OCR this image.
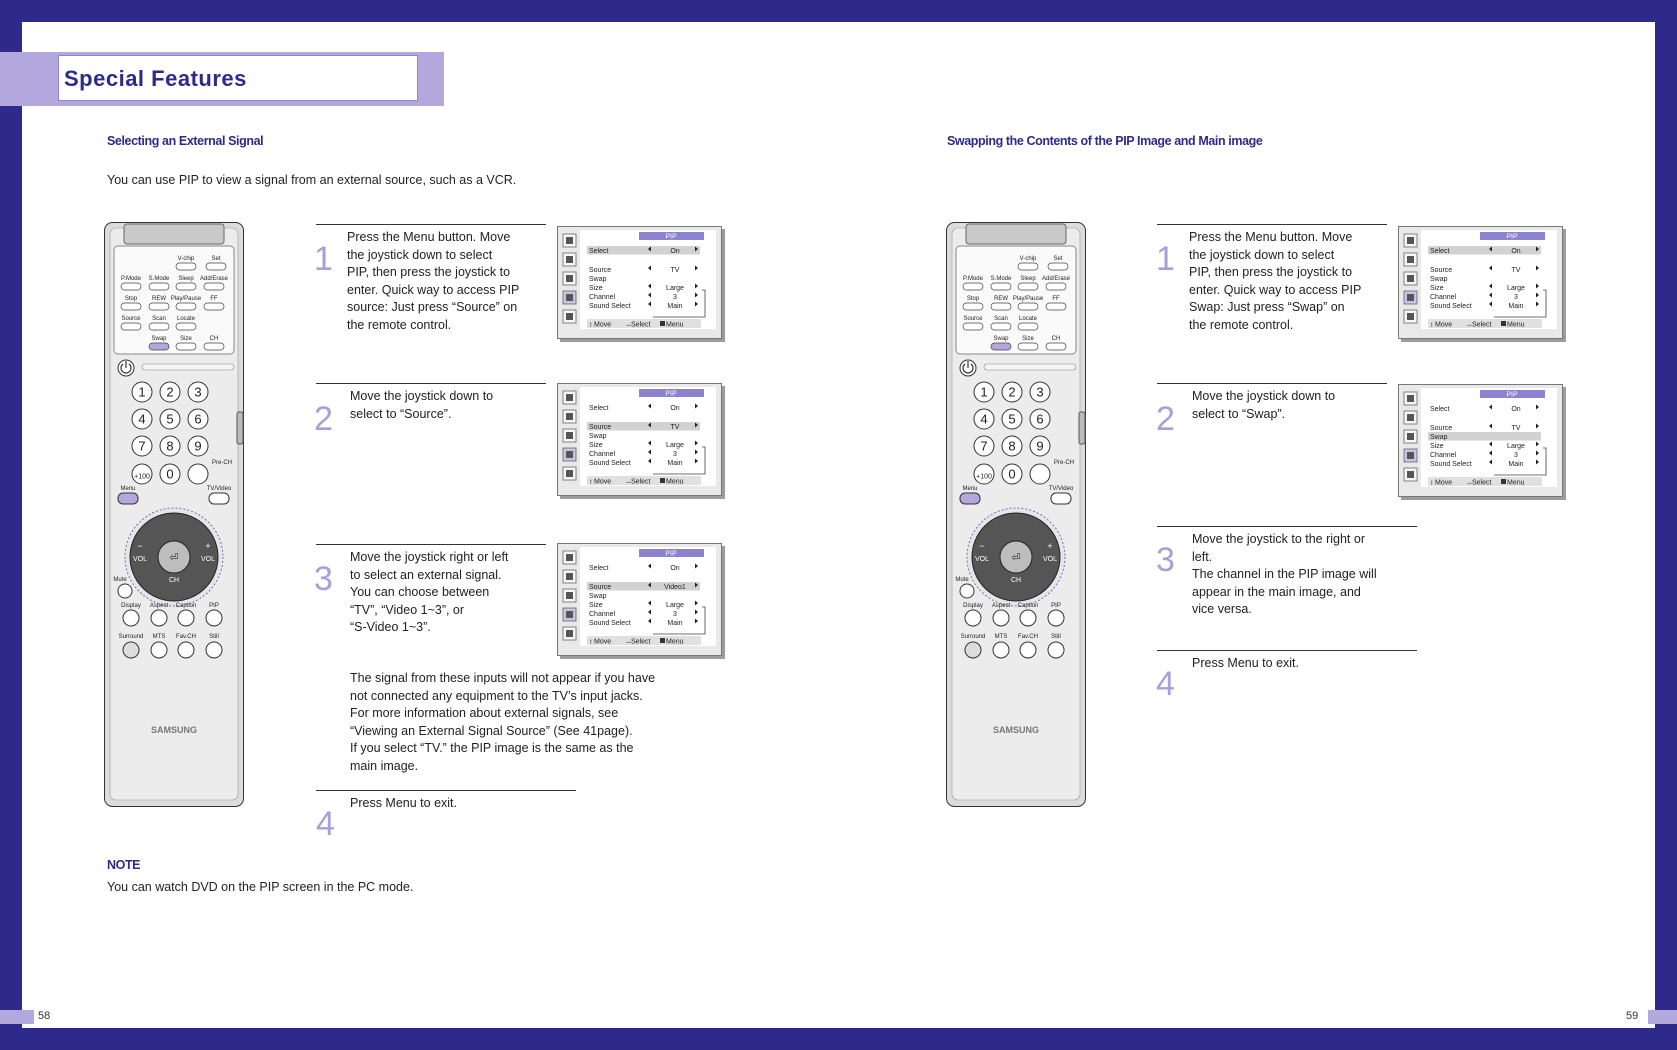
Special Features
Selecting an External Signal
You can use PIP to view a signal from an external source, such as a VCR.
V-chip	Set
P.Mode S.Mode Sleep Add/Erase
Stop REW Play/Pause FF
Source Scan Locate
Swap Size	CH
1 2 3
4 5 6
7 8 9
+100 0
Pre-CH
Menu	TV/Video
⏎
VOL	VOL
CH
−	+
Mute
Display Aspect Caption PIP
Surround MTS Fav.CH Still
SAMSUNG
1
Press the Menu button. Move
the joystick down to select
PIP, then press the joystick to
enter. Quick way to access PIP
source: Just press “Source” on
the remote control.
PIP
Select	On
Source	TV
Swap
Size	Large
Channel	3
Sound Select	Main
↕ Move ↔ Select Menu
2
Move the joystick down to
select to “Source”.
PIP
Select	On
Source	TV
Swap
Size	Large
Channel	3
Sound Select	Main
↕ Move ↔ Select Menu
3
Move the joystick right or left
to select an external signal.
You can choose between
“TV”, “Video 1~3”, or
“S-Video 1~3”.
PIP
Select	On
Source	Video1
Swap
Size	Large
Channel	3
Sound Select	Main
↕ Move ↔ Select Menu
The signal from these inputs will not appear if you have
not connected any equipment to the TV’s input jacks.
For more information about external signals, see
“Viewing an External Signal Source” (See 41page).
If you select “TV.” the PIP image is the same as the
main image.
4
Press Menu to exit.
NOTE
You can watch DVD on the PIP screen in the PC mode.
Swapping the Contents of the PIP Image and Main image
V-chip	Set
P.Mode S.Mode Sleep Add/Erase
Stop REW Play/Pause FF
Source Scan Locate
Swap Size	CH
1 2 3
4 5 6
7 8 9
+100 0
Pre-CH
Menu	TV/Video
⏎
VOL	VOL
CH
−	+
Mute
Display Aspect Caption PIP
Surround MTS Fav.CH Still
SAMSUNG
1
Press the Menu button. Move
the joystick down to select
PIP, then press the joystick to
enter. Quick way to access PIP
Swap: Just press “Swap” on
the remote control.
PIP
Select	On
Source	TV
Swap
Size	Large
Channel	3
Sound Select	Main
↕ Move ↔ Select Menu
2
Move the joystick down to
select to “Swap”.
PIP
Select	On
Source	TV
Swap
Size	Large
Channel	3
Sound Select	Main
↕ Move ↔ Select Menu
3
Move the joystick to the right or
left.
The channel in the PIP image will
appear in the main image, and
vice versa.
4
Press Menu to exit.
58	59
